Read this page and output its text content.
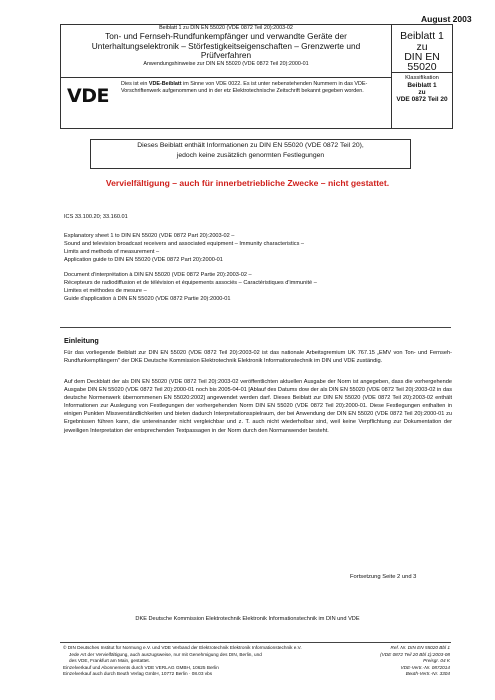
August 2003
Beiblatt 1 zu DIN EN 55020 (VDE 0872 Teil 20):2003-02
Ton- und Fernseh-Rundfunkempfänger und verwandte Geräte der Unterhaltungselektronik – Störfestigkeitseigenschaften – Grenzwerte und Prüfverfahren
Anwendungshinweise zur DIN EN 55020 (VDE 0872 Teil 20):2000-01
VDE
Dies ist ein VDE-Beiblatt im Sinne von VDE 0022. Es ist unter nebenstehenden Nummern in das VDE-Vorschriftenwerk aufgenommen und in der etz Elektrotechnische Zeitschrift bekannt gegeben worden.
Beiblatt 1
zu
DIN EN 55020
Klassifikation
Beiblatt 1
zu
VDE 0872 Teil 20
Dieses Beiblatt enthält Informationen zu DIN EN 55020 (VDE 0872 Teil 20),
jedoch keine zusätzlich genormten Festlegungen
Vervielfältigung – auch für innerbetriebliche Zwecke – nicht gestattet.
ICS 33.100.20; 33.160.01
Explanatory sheet 1 to DIN EN 55020 (VDE 0872 Part 20):2003-02 –
Sound and television broadcast receivers and associated equipment – Immunity characteristics –
Limits and methods of measurement –
Application guide to DIN EN 55020 (VDE 0872 Part 20):2000-01
Document d'interprétation à DIN EN 55020 (VDE 0872 Partie 20):2003-02 –
Récepteurs de radiodiffusion et de télévision et équipements associés – Caractéristiques d'immunité –
Limites et méthodes de mesure –
Guide d'application à DIN EN 55020 (VDE 0872 Partie 20):2000-01
Einleitung
Für das vorliegende Beiblatt zur DIN EN 55020 (VDE 0872 Teil 20):2003-02 ist das nationale Arbeitsgremium UK 767.15 „EMV von Ton- und Fernseh-Rundfunkempfängern" der DKE Deutsche Kommission Elektrotechnik Elektronik Informationstechnik im DIN und VDE zuständig.
Auf dem Deckblatt der als DIN EN 55020 (VDE 0872 Teil 20):2003-02 veröffentlichten aktuellen Ausgabe der Norm ist angegeben, dass die vorhergehende Ausgabe DIN EN 55020 (VDE 0872 Teil 20):2000-01 noch bis 2005-04-01 [Ablauf des Datums dow der als DIN EN 55020 (VDE 0872 Teil 20):2003-02 in das deutsche Normenwerk übernommenen EN 55020:2002] angewendet werden darf. Dieses Beiblatt zur DIN EN 55020 (VDE 0872 Teil 20):2003-02 enthält Informationen zur Auslegung von Festlegungen der vorhergehenden Norm DIN EN 55020 (VDE 0872 Teil 20):2000-01. Diese Festlegungen enthalten in einigen Punkten Missverständlichkeiten und bieten dadurch Interpretationsspielraum, der bei Anwendung der DIN EN 55020 (VDE 0872 Teil 20):2000-01 zu Ergebnissen führen kann, die untereinander nicht vergleichbar und z. T. auch nicht wiederholbar sind, weil keine Verpflichtung zur Dokumentation der jeweiligen Interpretation der entsprechenden Textpassagen in der Norm durch den Normanwender besteht.
Fortsetzung Seite 2 und 3
DKE Deutsche Kommission Elektrotechnik Elektronik Informationstechnik im DIN und VDE
© DIN Deutsches Institut für Normung e.V. und VDE Verband der Elektrotechnik Elektronik Informationstechnik e.V.
Jede Art der Vervielfältigung, auch auszugsweise, nur mit Genehmigung des DIN, Berlin, und
des VDE, Frankfurt am Main, gestattet.
Einzelverkauf und Abonnements durch VDE VERLAG GMBH, 10625 Berlin
Einzelverkauf auch durch Beuth Verlag GmbH, 10772 Berlin · 08.03 vbs
Ref. Nr. DIN EN 55020 Bbl 1
(VDE 0872 Teil 20 Bbl 1):2003-08
Preisgr. 04 K
VDE-Vertr.-Nr. 0872014
Beuth-Vertr.-Nr. 3304
